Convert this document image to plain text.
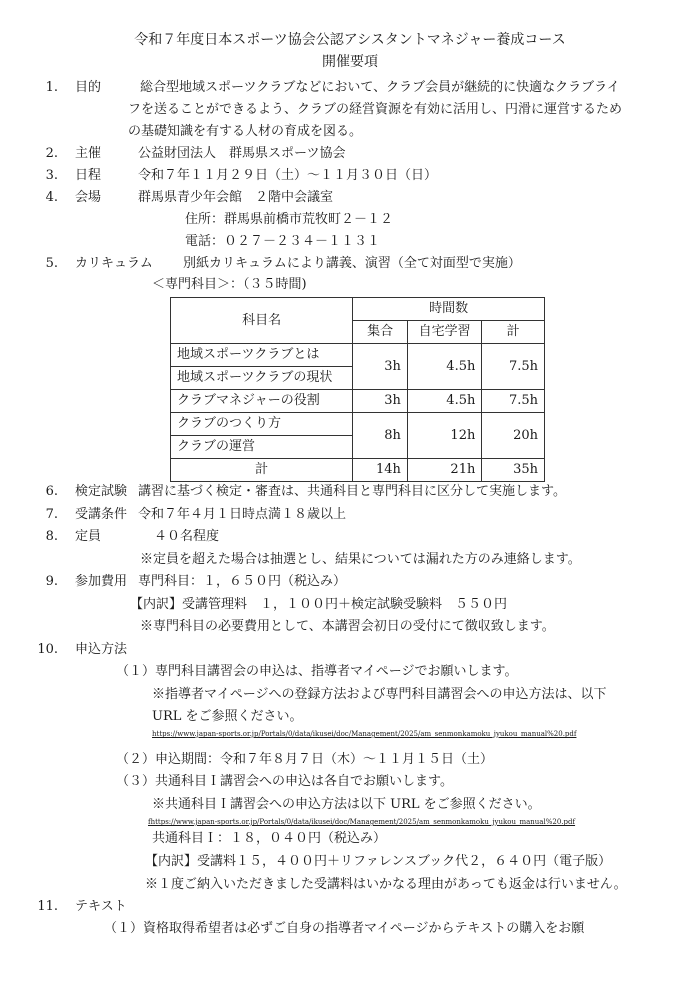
令和７年度日本スポーツ協会公認アシスタントマネジャー養成コース
開催要項
1. 目的	総合型地域スポーツクラブなどにおいて、クラブ会員が継続的に快適なクラブライ
フを送ることができるよう、クラブの経営資源を有効に活用し、円滑に運営するため
の基礎知識を有する人材の育成を図る。
2. 主催	公益財団法人　群馬県スポーツ協会
3. 日程	令和７年１１月２９日（土）～１１月３０日（日）
4. 会場	群馬県青少年会館　２階中会議室
住所：群馬県前橋市荒牧町２－１２
電話：０２７－２３４－１１３１
5. カリキュラム 別紙カリキュラムにより講義、演習（全て対面型で実施）
＜専門科目＞：（３５時間)
科目名	時間数		
	集合	自宅学習	計
地域スポーツクラブとは	3h	4.5h	7.5h
地域スポーツクラブの現状			
クラブマネジャーの役割	3h	4.5h	7.5h
クラブのつくり方	8h	12h	20h
クラブの運営			
計	14h	21h	35h
6. 検定試験 講習に基づく検定・審査は、共通科目と専門科目に区分して実施します。
7. 受講条件 令和７年４月１日時点満１８歳以上
8. 定員	４０名程度
※定員を超えた場合は抽選とし、結果については漏れた方のみ連絡します。
9. 参加費用 専門科目：１，６５０円（税込み）
【内訳】受講管理料　１，１００円＋検定試験受験料　５５０円
※専門科目の必要費用として、本講習会初日の受付にて徴収致します。
10. 申込方法
（１）専門科目講習会の申込は、指導者マイページでお願いします。
※指導者マイページへの登録方法および専門科目講習会への申込方法は、以下
URL をご参照ください。
https://www.japan-sports.or.jp/Portals/0/data/ikusei/doc/Management/2025/am_senmonkamoku_jyukou_manual%20.pdf
（２）申込期間：令和７年８月７日（木）～１１月１５日（土）
（３）共通科目Ｉ講習会への申込は各自でお願いします。
※共通科目Ｉ講習会への申込方法は以下 URL をご参照ください。
fhttps://www.japan-sports.or.jp/Portals/0/data/ikusei/doc/Management/2025/am_senmonkamoku_jyukou_manual%20.pdf
共通科目Ｉ：１８，０４０円（税込み）
【内訳】受講料１５，４００円＋リファレンスブック代２，６４０円（電子版）
※１度ご納入いただきました受講料はいかなる理由があっても返金は行いません。
11. テキスト
（１）資格取得希望者は必ずご自身の指導者マイページからテキストの購入をお願
